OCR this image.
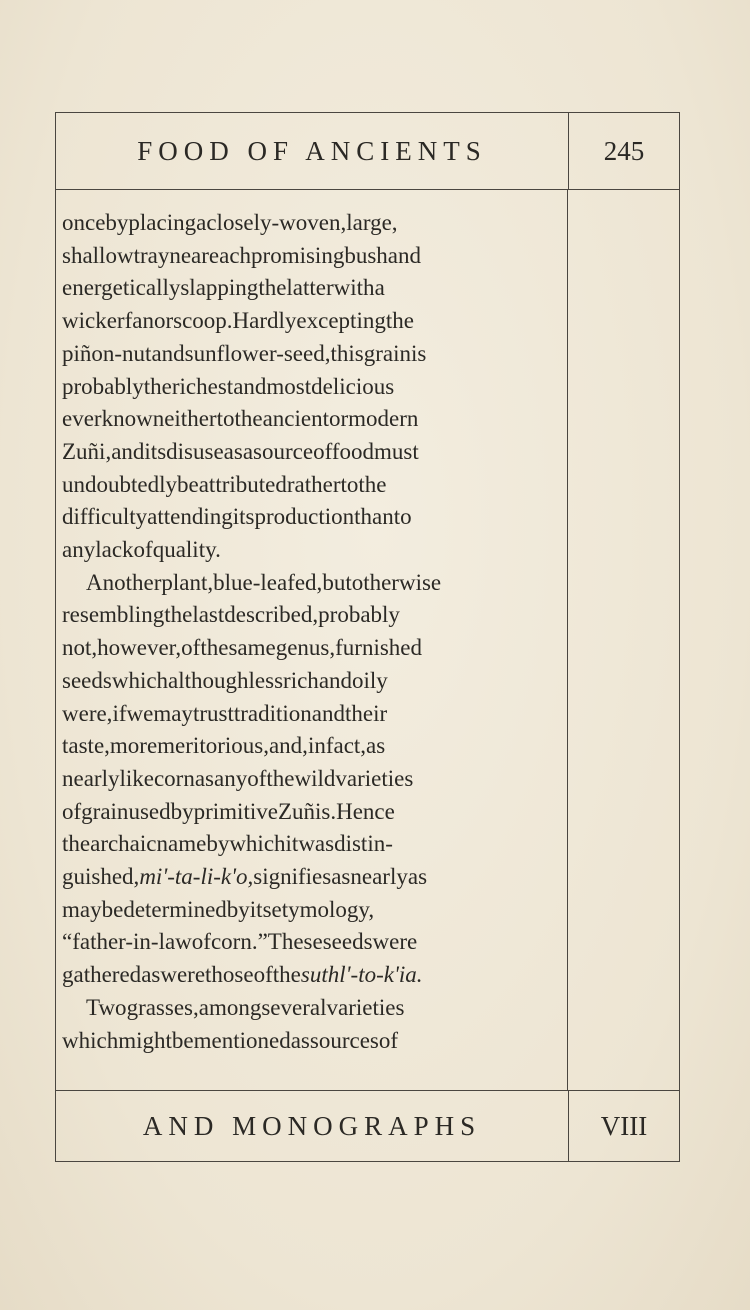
FOOD OF ANCIENTS	245
oncebyplacingaclosely-woven,large,
shallowtrayneareachpromisingbushand
energeticallyslappingthelatterwitha
wickerfanorscoop.Hardlyexceptingthe
piñon-nutandsunflower-seed,thisgrainis
probablytherichestandmostdelicious
everknowneithertotheancientormodern
Zuñi,anditsdisuseasasourceoffoodmust
undoubtedlybeattributedrathertothe
difficultyattendingitsproductionthanto
anylackofquality.
Anotherplant,blue-leafed,butotherwise
resemblingthelastdescribed,probably
not,however,ofthesamegenus,furnished
seedswhichalthoughlessrichandoily
were,ifwemaytrusttraditionandtheir
taste,moremeritorious,and,infact,as
nearlylikecornasanyofthewildvarieties
ofgrainusedbyprimitiveZuñis.Hence
thearchaicnamebywhichitwasdistin-
guished,mi'-ta-li-k'o,signifiesasnearlyas
maybedeterminedbyitsetymology,
“father-in-lawofcorn.”Theseseedswere
gatheredaswerethoseofthesuthl'-to-k'ia.
Twograsses,amongseveralvarieties
whichmightbementionedassourcesof
AND MONOGRAPHS	VIII
